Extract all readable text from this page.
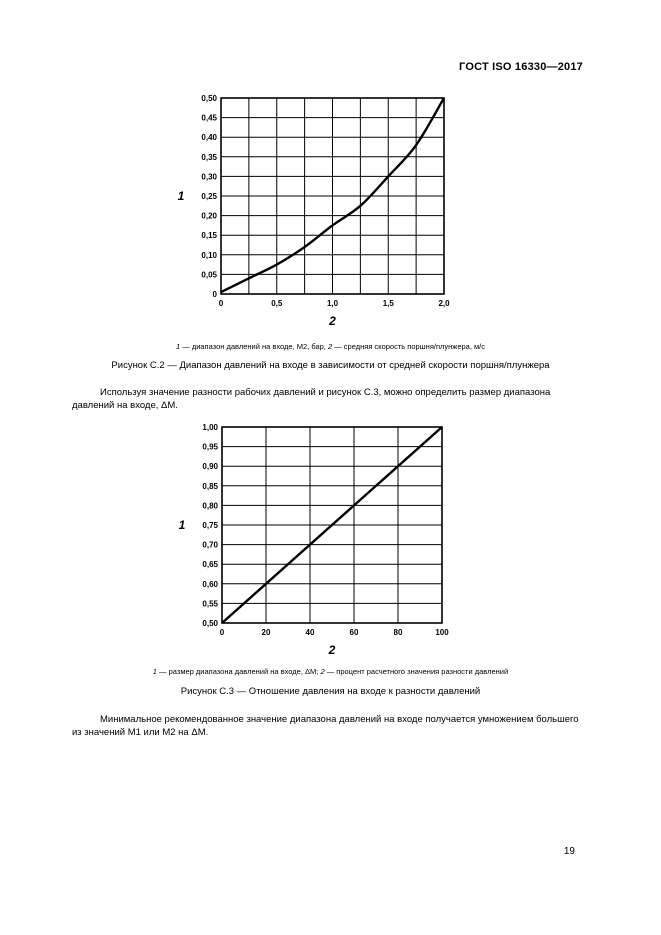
ГОСТ ISO 16330—2017
0
0,05
0,10
0,15
0,20
0,25
0,30
0,35
0,40
0,45
0,50
0	0,5	1,0	1,5	2,0
1
2
1 — диапазон давлений на входе, М2, бар, 2 — средняя скорость поршня/плунжера, м/с
Рисунок С.2 — Диапазон давлений на входе в зависимости от средней скорости поршня/плунжера
Используя значение разности рабочих давлений и рисунок С.3, можно определить размер диапазона давлений на входе, ΔМ.
0,50
0,55
0,60
0,65
0,70
0,75
0,80
0,85
0,90
0,95
1,00
0	20	40	60	80	100
1
2
1 — размер диапазона давлений на входе, ΔМ; 2 — процент расчетного значения разности давлений
Рисунок С.3 — Отношение давления на входе к разности давлений
Минимальное рекомендованное значение диапазона давлений на входе получается умножением большего из значений М1 или М2 на ΔМ.
19
